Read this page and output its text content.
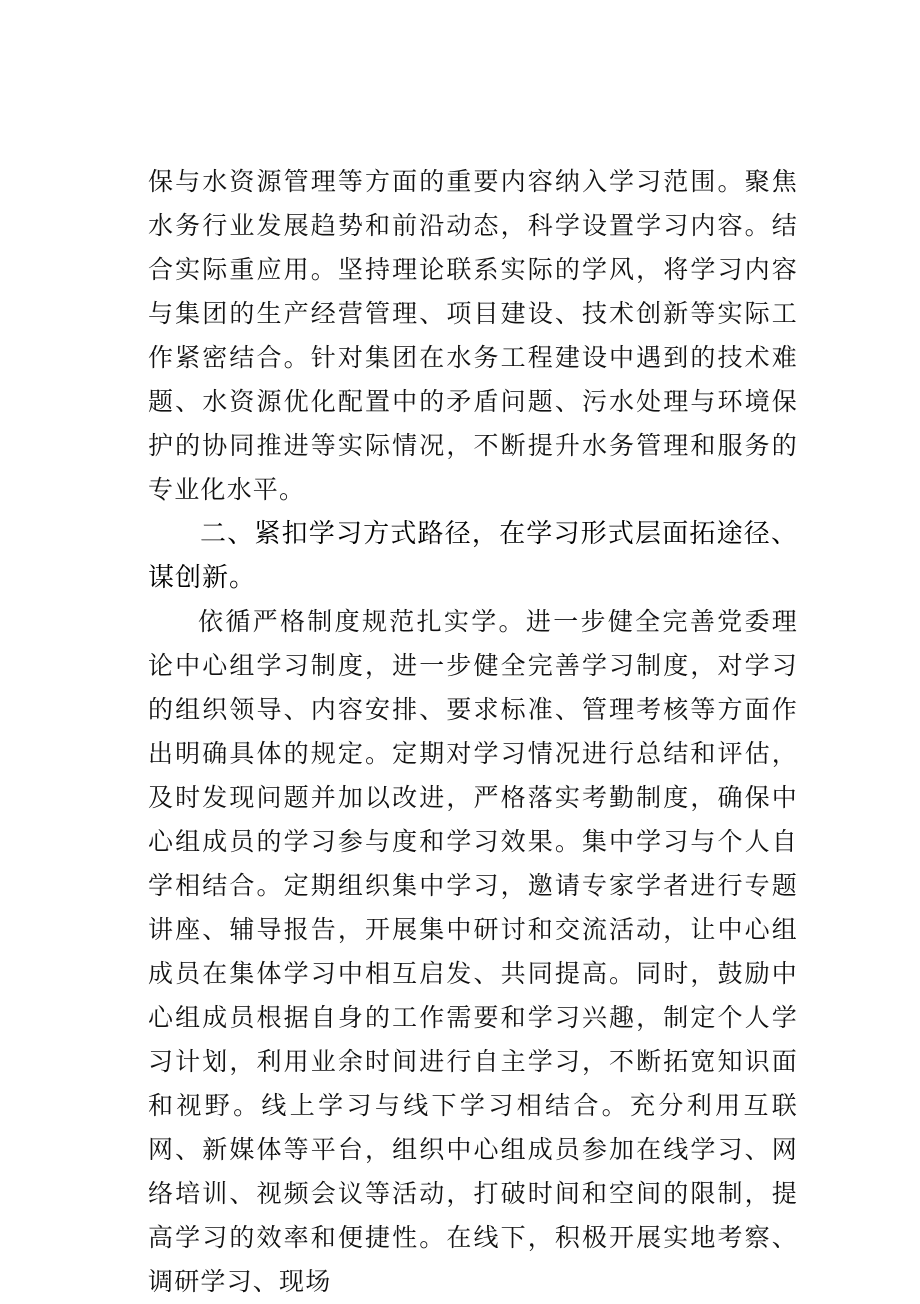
保与水资源管理等方面的重要内容纳入学习范围。聚焦水务行业发展趋势和前沿动态，科学设置学习内容。结合实际重应用。坚持理论联系实际的学风，将学习内容与集团的生产经营管理、项目建设、技术创新等实际工作紧密结合。针对集团在水务工程建设中遇到的技术难题、水资源优化配置中的矛盾问题、污水处理与环境保护的协同推进等实际情况，不断提升水务管理和服务的专业化水平。

二、紧扣学习方式路径，在学习形式层面拓途径、谋创新。

依循严格制度规范扎实学。进一步健全完善党委理论中心组学习制度，进一步健全完善学习制度，对学习的组织领导、内容安排、要求标准、管理考核等方面作出明确具体的规定。定期对学习情况进行总结和评估，及时发现问题并加以改进，严格落实考勤制度，确保中心组成员的学习参与度和学习效果。集中学习与个人自学相结合。定期组织集中学习，邀请专家学者进行专题讲座、辅导报告，开展集中研讨和交流活动，让中心组成员在集体学习中相互启发、共同提高。同时，鼓励中心组成员根据自身的工作需要和学习兴趣，制定个人学习计划，利用业余时间进行自主学习，不断拓宽知识面和视野。线上学习与线下学习相结合。充分利用互联网、新媒体等平台，组织中心组成员参加在线学习、网络培训、视频会议等活动，打破时间和空间的限制，提高学习的效率和便捷性。在线下，积极开展实地考察、调研学习、现场
